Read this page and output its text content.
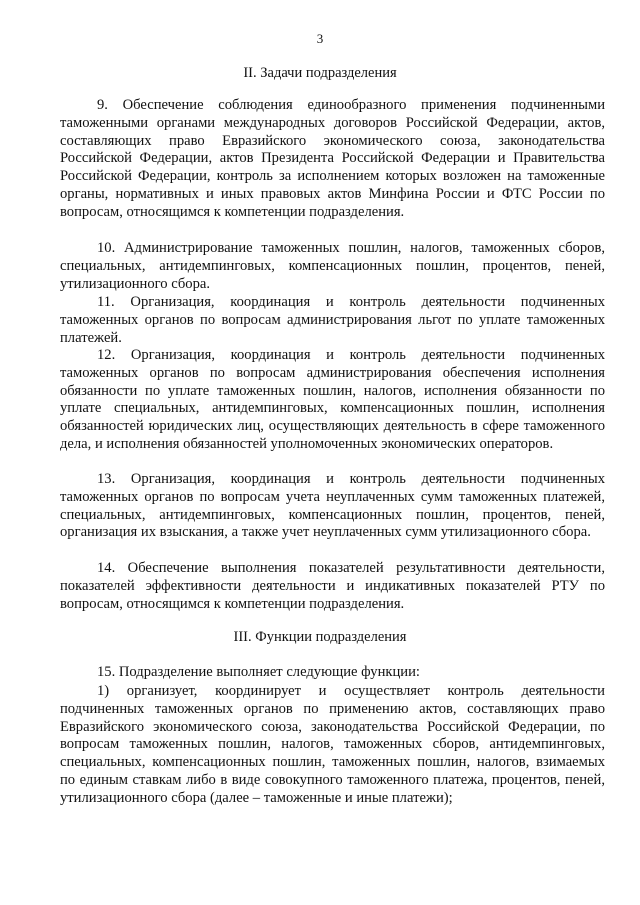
3
II. Задачи подразделения

9. Обеспечение соблюдения единообразного применения подчиненными таможенными органами международных договоров Российской Федерации, актов, составляющих право Евразийского экономического союза, законодательства Российской Федерации, актов Президента Российской Федерации и Правительства Российской Федерации, контроль за исполнением которых возложен на таможенные органы, нормативных и иных правовых актов Минфина России и ФТС России по вопросам, относящимся к компетенции подразделения.

10. Администрирование таможенных пошлин, налогов, таможенных сборов, специальных, антидемпинговых, компенсационных пошлин, процентов, пеней, утилизационного сбора.

11. Организация, координация и контроль деятельности подчиненных таможенных органов по вопросам администрирования льгот по уплате таможенных платежей.

12. Организация, координация и контроль деятельности подчиненных таможенных органов по вопросам администрирования обеспечения исполнения обязанности по уплате таможенных пошлин, налогов, исполнения обязанности по уплате специальных, антидемпинговых, компенсационных пошлин, исполнения обязанностей юридических лиц, осуществляющих деятельность в сфере таможенного дела, и исполнения обязанностей уполномоченных экономических операторов.

13. Организация, координация и контроль деятельности подчиненных таможенных органов по вопросам учета неуплаченных сумм таможенных платежей, специальных, антидемпинговых, компенсационных пошлин, процентов, пеней, организация их взыскания, а также учет неуплаченных сумм утилизационного сбора.

14. Обеспечение выполнения показателей результативности деятельности, показателей эффективности деятельности и индикативных показателей РТУ по вопросам, относящимся к компетенции подразделения.

III. Функции подразделения

15. Подразделение выполняет следующие функции:

1) организует, координирует и осуществляет контроль деятельности подчиненных таможенных органов по применению актов, составляющих право Евразийского экономического союза, законодательства Российской Федерации, по вопросам таможенных пошлин, налогов, таможенных сборов, антидемпинговых, специальных, компенсационных пошлин, таможенных пошлин, налогов, взимаемых по единым ставкам либо в виде совокупного таможенного платежа, процентов, пеней, утилизационного сбора (далее – таможенные и иные платежи);
